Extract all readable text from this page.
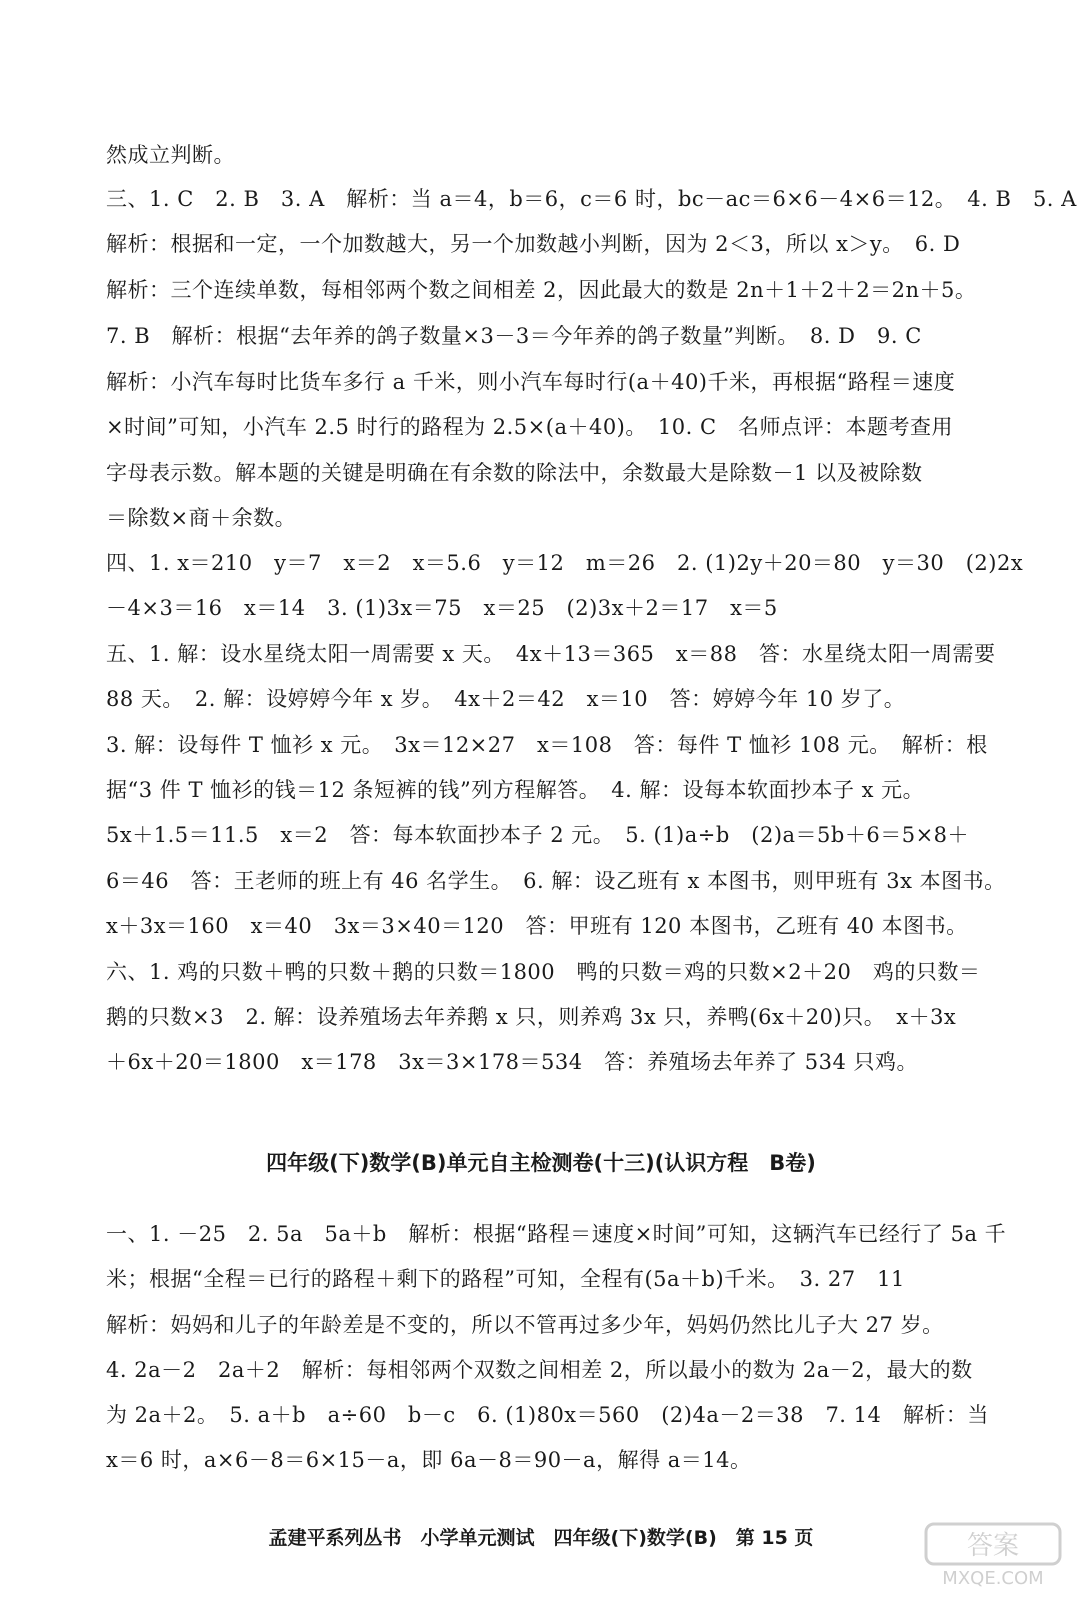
然成立判断。
三、1. C　2. B　3. A　解析：当 a＝4，b＝6，c＝6 时，bc－ac＝6×6－4×6＝12。　4. B　5. A
解析：根据和一定，一个加数越大，另一个加数越小判断，因为 2＜3，所以 x＞y。　6. D
解析：三个连续单数，每相邻两个数之间相差 2，因此最大的数是 2n＋1＋2＋2＝2n＋5。
7. B　解析：根据“去年养的鸽子数量×3－3＝今年养的鸽子数量”判断。　8. D　9. C
解析：小汽车每时比货车多行 a 千米，则小汽车每时行(a＋40)千米，再根据“路程＝速度
×时间”可知，小汽车 2.5 时行的路程为 2.5×(a＋40)。　10. C　名师点评：本题考查用
字母表示数。解本题的关键是明确在有余数的除法中，余数最大是除数－1 以及被除数
＝除数×商＋余数。
四、1. x＝210　y＝7　x＝2　x＝5.6　y＝12　m＝26　2. (1)2y＋20＝80　y＝30　(2)2x
－4×3＝16　x＝14　3. (1)3x＝75　x＝25　(2)3x＋2＝17　x＝5
五、1. 解：设水星绕太阳一周需要 x 天。　4x＋13＝365　x＝88　答：水星绕太阳一周需要
88 天。　2. 解：设婷婷今年 x 岁。　4x＋2＝42　x＝10　答：婷婷今年 10 岁了。
3. 解：设每件 T 恤衫 x 元。　3x＝12×27　x＝108　答：每件 T 恤衫 108 元。　解析：根
据“3 件 T 恤衫的钱＝12 条短裤的钱”列方程解答。　4. 解：设每本软面抄本子 x 元。
5x＋1.5＝11.5　x＝2　答：每本软面抄本子 2 元。　5. (1)a÷b　(2)a＝5b＋6＝5×8＋
6＝46　答：王老师的班上有 46 名学生。　6. 解：设乙班有 x 本图书，则甲班有 3x 本图书。
x＋3x＝160　x＝40　3x＝3×40＝120　答：甲班有 120 本图书，乙班有 40 本图书。
六、1. 鸡的只数＋鸭的只数＋鹅的只数＝1800　鸭的只数＝鸡的只数×2＋20　鸡的只数＝
鹅的只数×3　2. 解：设养殖场去年养鹅 x 只，则养鸡 3x 只，养鸭(6x＋20)只。　x＋3x
＋6x＋20＝1800　x＝178　3x＝3×178＝534　答：养殖场去年养了 534 只鸡。
四年级(下)数学(B)单元自主检测卷(十三)(认识方程　B卷)
一、1. －25　2. 5a　5a＋b　解析：根据“路程＝速度×时间”可知，这辆汽车已经行了 5a 千
米；根据“全程＝已行的路程＋剩下的路程”可知，全程有(5a＋b)千米。　3. 27　11
解析：妈妈和儿子的年龄差是不变的，所以不管再过多少年，妈妈仍然比儿子大 27 岁。
4. 2a－2　2a＋2　解析：每相邻两个双数之间相差 2，所以最小的数为 2a－2，最大的数
为 2a＋2。　5. a＋b　a÷60　b－c　6. (1)80x＝560　(2)4a－2＝38　7. 14　解析：当
x＝6 时，a×6－8＝6×15－a，即 6a－8＝90－a，解得 a＝14。
孟建平系列丛书　小学单元测试　四年级(下)数学(B)　第 15 页	答案
MXQE.COM
